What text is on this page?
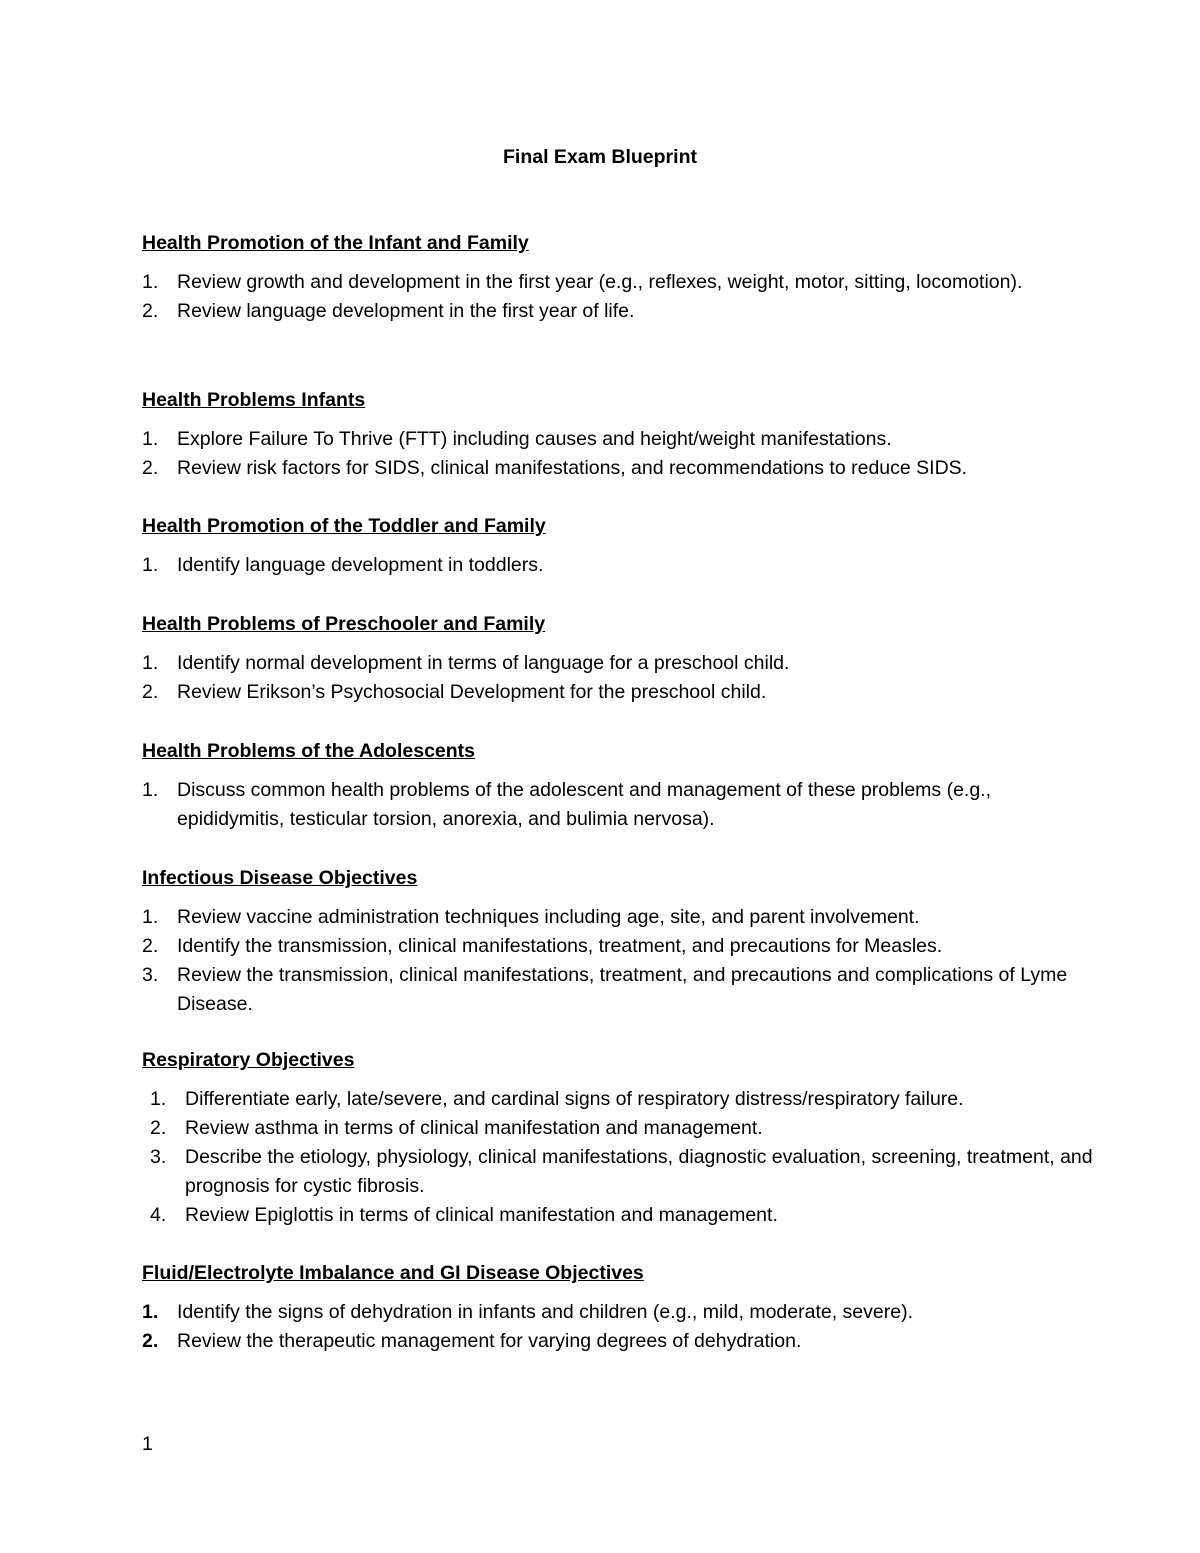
Final Exam Blueprint
Health Promotion of the Infant and Family
1. Review growth and development in the first year (e.g., reflexes, weight, motor, sitting, locomotion).
2. Review language development in the first year of life.
Health Problems Infants
1. Explore Failure To Thrive (FTT) including causes and height/weight manifestations.
2. Review risk factors for SIDS, clinical manifestations, and recommendations to reduce SIDS.
Health Promotion of the Toddler and Family
1. Identify language development in toddlers.
Health Problems of Preschooler and Family
1. Identify normal development in terms of language for a preschool child.
2. Review Erikson’s Psychosocial Development for the preschool child.
Health Problems of the Adolescents
1. Discuss common health problems of the adolescent and management of these problems (e.g., epididymitis, testicular torsion, anorexia, and bulimia nervosa).
Infectious Disease Objectives
1. Review vaccine administration techniques including age, site, and parent involvement.
2. Identify the transmission, clinical manifestations, treatment, and precautions for Measles.
3. Review the transmission, clinical manifestations, treatment, and precautions and complications of Lyme Disease.
Respiratory Objectives
1. Differentiate early, late/severe, and cardinal signs of respiratory distress/respiratory failure.
2. Review asthma in terms of clinical manifestation and management.
3. Describe the etiology, physiology, clinical manifestations, diagnostic evaluation, screening, treatment, and prognosis for cystic fibrosis.
4. Review Epiglottis in terms of clinical manifestation and management.
Fluid/Electrolyte Imbalance and GI Disease Objectives
1. Identify the signs of dehydration in infants and children (e.g., mild, moderate, severe).
2. Review the therapeutic management for varying degrees of dehydration.
1
